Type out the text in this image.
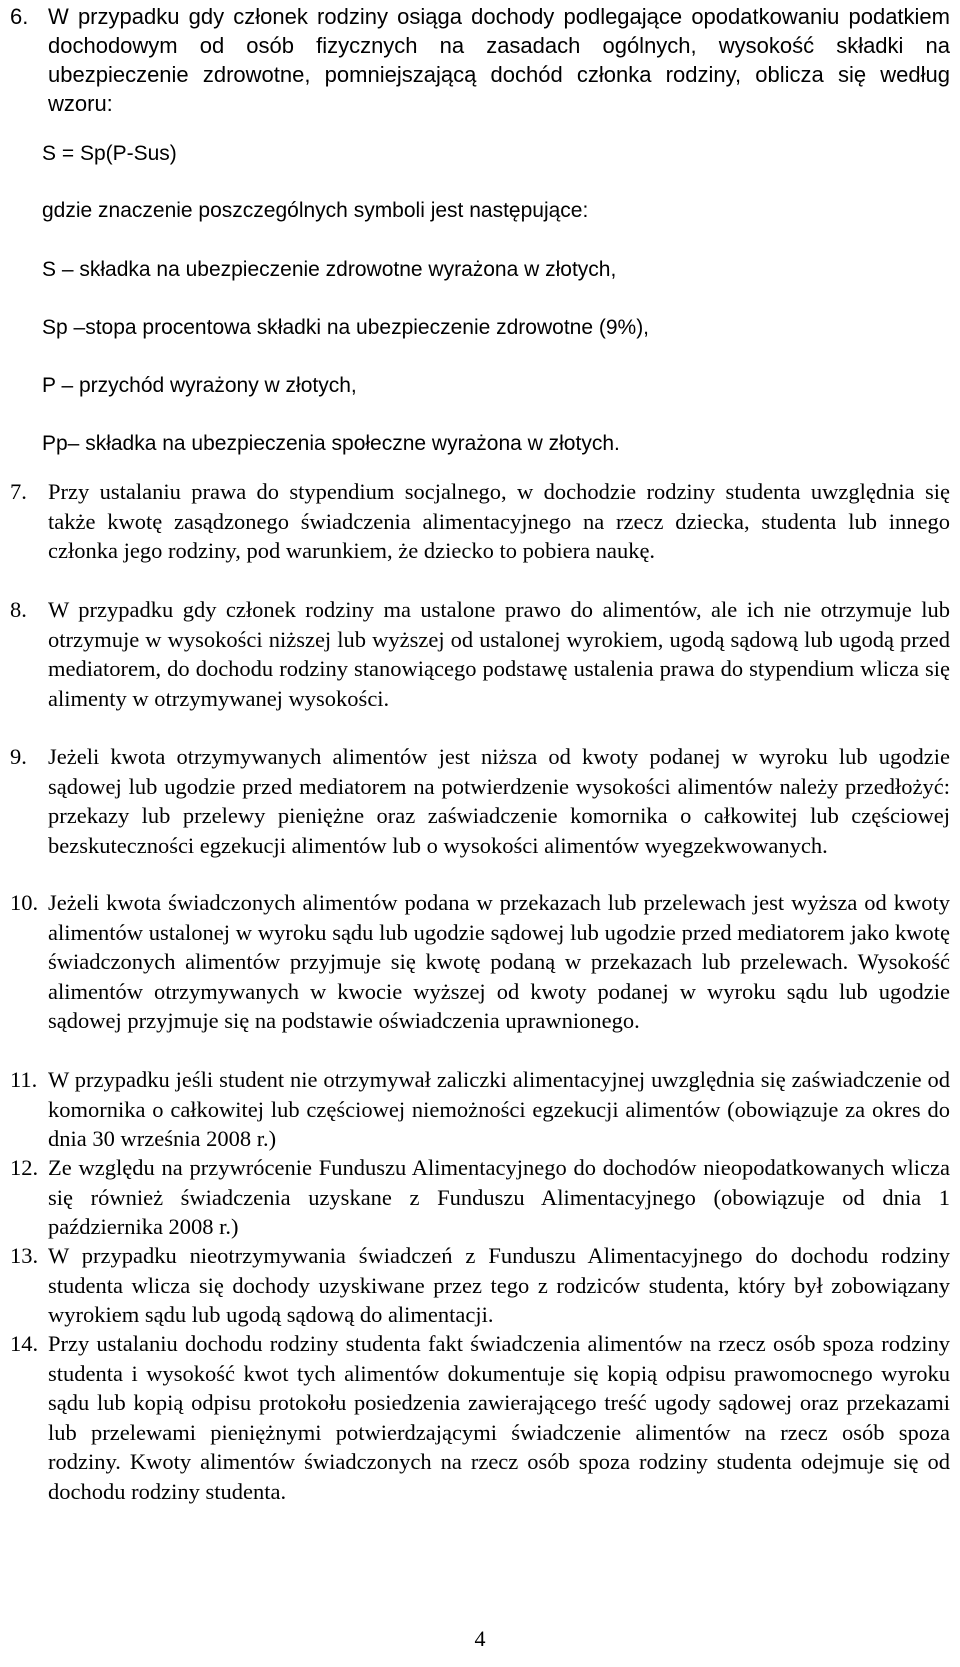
6. W przypadku gdy członek rodziny osiąga dochody podlegające opodatkowaniu podatkiem dochodowym od osób fizycznych na zasadach ogólnych, wysokość składki na ubezpieczenie zdrowotne, pomniejszającą dochód członka rodziny, oblicza się według wzoru:
S = Sp(P-Sus)
gdzie znaczenie poszczególnych symboli jest następujące:
S – składka na ubezpieczenie zdrowotne wyrażona w złotych,
Sp –stopa procentowa składki na ubezpieczenie zdrowotne (9%),
P – przychód wyrażony w złotych,
Pp– składka na ubezpieczenia społeczne wyrażona w złotych.
7. Przy ustalaniu prawa do stypendium socjalnego, w dochodzie rodziny studenta uwzględnia się także kwotę zasądzonego świadczenia alimentacyjnego na rzecz dziecka, studenta lub innego członka jego rodziny, pod warunkiem, że dziecko to pobiera naukę.
8. W przypadku gdy członek rodziny ma ustalone prawo do alimentów, ale ich nie otrzymuje lub otrzymuje w wysokości niższej lub wyższej od ustalonej wyrokiem, ugodą sądową lub ugodą przed mediatorem, do dochodu rodziny stanowiącego podstawę ustalenia prawa do stypendium wlicza się alimenty w otrzymywanej wysokości.
9. Jeżeli kwota otrzymywanych alimentów jest niższa od kwoty podanej w wyroku lub ugodzie sądowej lub ugodzie przed mediatorem na potwierdzenie wysokości alimentów należy przedłożyć: przekazy lub przelewy pieniężne oraz zaświadczenie komornika o całkowitej lub częściowej bezskuteczności egzekucji alimentów lub o wysokości alimentów wyegzekwowanych.
10. Jeżeli kwota świadczonych alimentów podana w przekazach lub przelewach jest wyższa od kwoty alimentów ustalonej w wyroku sądu lub ugodzie sądowej lub ugodzie przed mediatorem jako kwotę świadczonych alimentów przyjmuje się kwotę podaną w przekazach lub przelewach. Wysokość alimentów otrzymywanych w kwocie wyższej od kwoty podanej w wyroku sądu lub ugodzie sądowej przyjmuje się na podstawie oświadczenia uprawnionego.
11. W przypadku jeśli student nie otrzymywał zaliczki alimentacyjnej uwzględnia się zaświadczenie od komornika o całkowitej lub częściowej niemożności egzekucji alimentów (obowiązuje za okres do dnia 30 września 2008 r.)
12. Ze względu na przywrócenie Funduszu Alimentacyjnego do dochodów nieopodatkowanych wlicza się również świadczenia uzyskane z Funduszu Alimentacyjnego (obowiązuje od dnia 1 października 2008 r.)
13. W przypadku nieotrzymywania świadczeń z Funduszu Alimentacyjnego do dochodu rodziny studenta wlicza się dochody uzyskiwane przez tego z rodziców studenta, który był zobowiązany wyrokiem sądu lub ugodą sądową do alimentacji.
14. Przy ustalaniu dochodu rodziny studenta fakt świadczenia alimentów na rzecz osób spoza rodziny studenta i wysokość kwot tych alimentów dokumentuje się kopią odpisu prawomocnego wyroku sądu lub kopią odpisu protokołu posiedzenia zawierającego treść ugody sądowej oraz przekazami lub przelewami pieniężnymi potwierdzającymi świadczenie alimentów na rzecz osób spoza rodziny. Kwoty alimentów świadczonych na rzecz osób spoza rodziny studenta odejmuje się od dochodu rodziny studenta.
4
